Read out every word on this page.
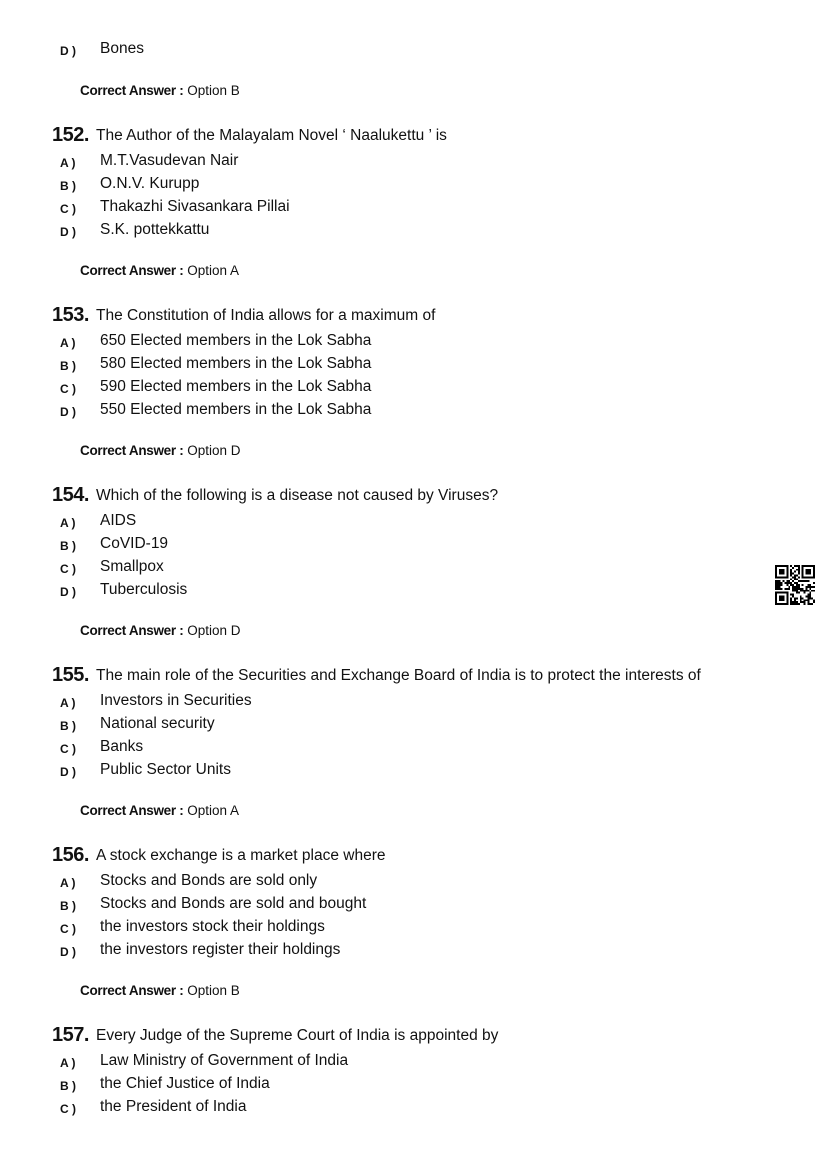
D ) Bones
Correct Answer : Option B
152. The Author of the Malayalam Novel ‘ Naalukettu ’ is
A ) M.T.Vasudevan Nair
B ) O.N.V. Kurupp
C ) Thakazhi Sivasankara Pillai
D ) S.K. pottekkattu
Correct Answer : Option A
153. The Constitution of India allows for a maximum of
A ) 650 Elected members in the Lok Sabha
B ) 580 Elected members in the Lok Sabha
C ) 590 Elected members in the Lok Sabha
D ) 550 Elected members in the Lok Sabha
Correct Answer : Option D
154. Which of the following is a disease not caused by Viruses?
A ) AIDS
B ) CoVID-19
C ) Smallpox
D ) Tuberculosis
Correct Answer : Option D
155. The main role of the Securities and Exchange Board of India is to protect the interests of
A ) Investors in Securities
B ) National security
C ) Banks
D ) Public Sector Units
Correct Answer : Option A
156. A stock exchange is a market place where
A ) Stocks and Bonds are sold only
B ) Stocks and Bonds are sold and bought
C ) the investors stock their holdings
D ) the investors register their holdings
Correct Answer : Option B
157. Every Judge of the Supreme Court of India is appointed by
A ) Law Ministry of Government of India
B ) the Chief Justice of India
C ) the President of India
